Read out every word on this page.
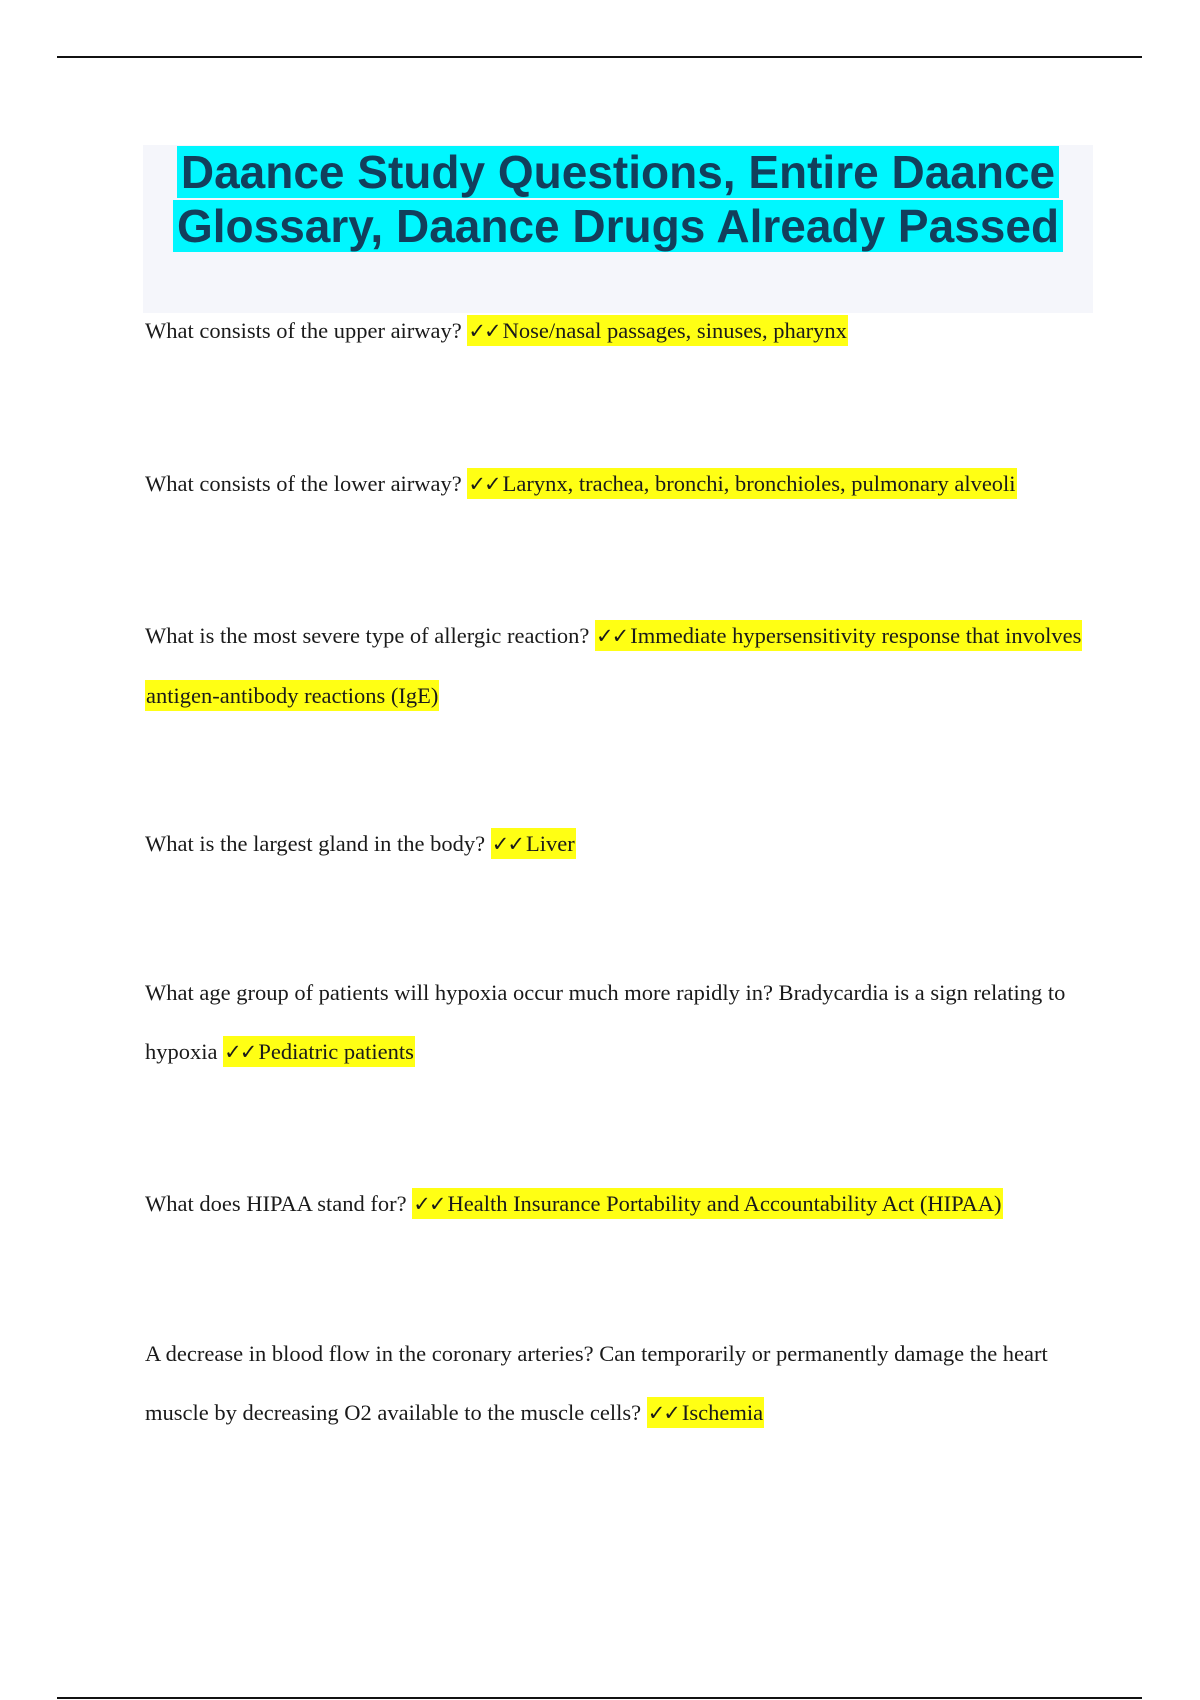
Daance Study Questions, Entire Daance Glossary, Daance Drugs Already Passed

What consists of the upper airway? ✓✓ Nose/nasal passages, sinuses, pharynx

What consists of the lower airway? ✓✓ Larynx, trachea, bronchi, bronchioles, pulmonary alveoli

What is the most severe type of allergic reaction? ✓✓ Immediate hypersensitivity response that involves antigen-antibody reactions (IgE)

What is the largest gland in the body? ✓✓ Liver

What age group of patients will hypoxia occur much more rapidly in? Bradycardia is a sign relating to hypoxia ✓✓ Pediatric patients

What does HIPAA stand for? ✓✓ Health Insurance Portability and Accountability Act (HIPAA)

A decrease in blood flow in the coronary arteries? Can temporarily or permanently damage the heart muscle by decreasing O2 available to the muscle cells? ✓✓ Ischemia
